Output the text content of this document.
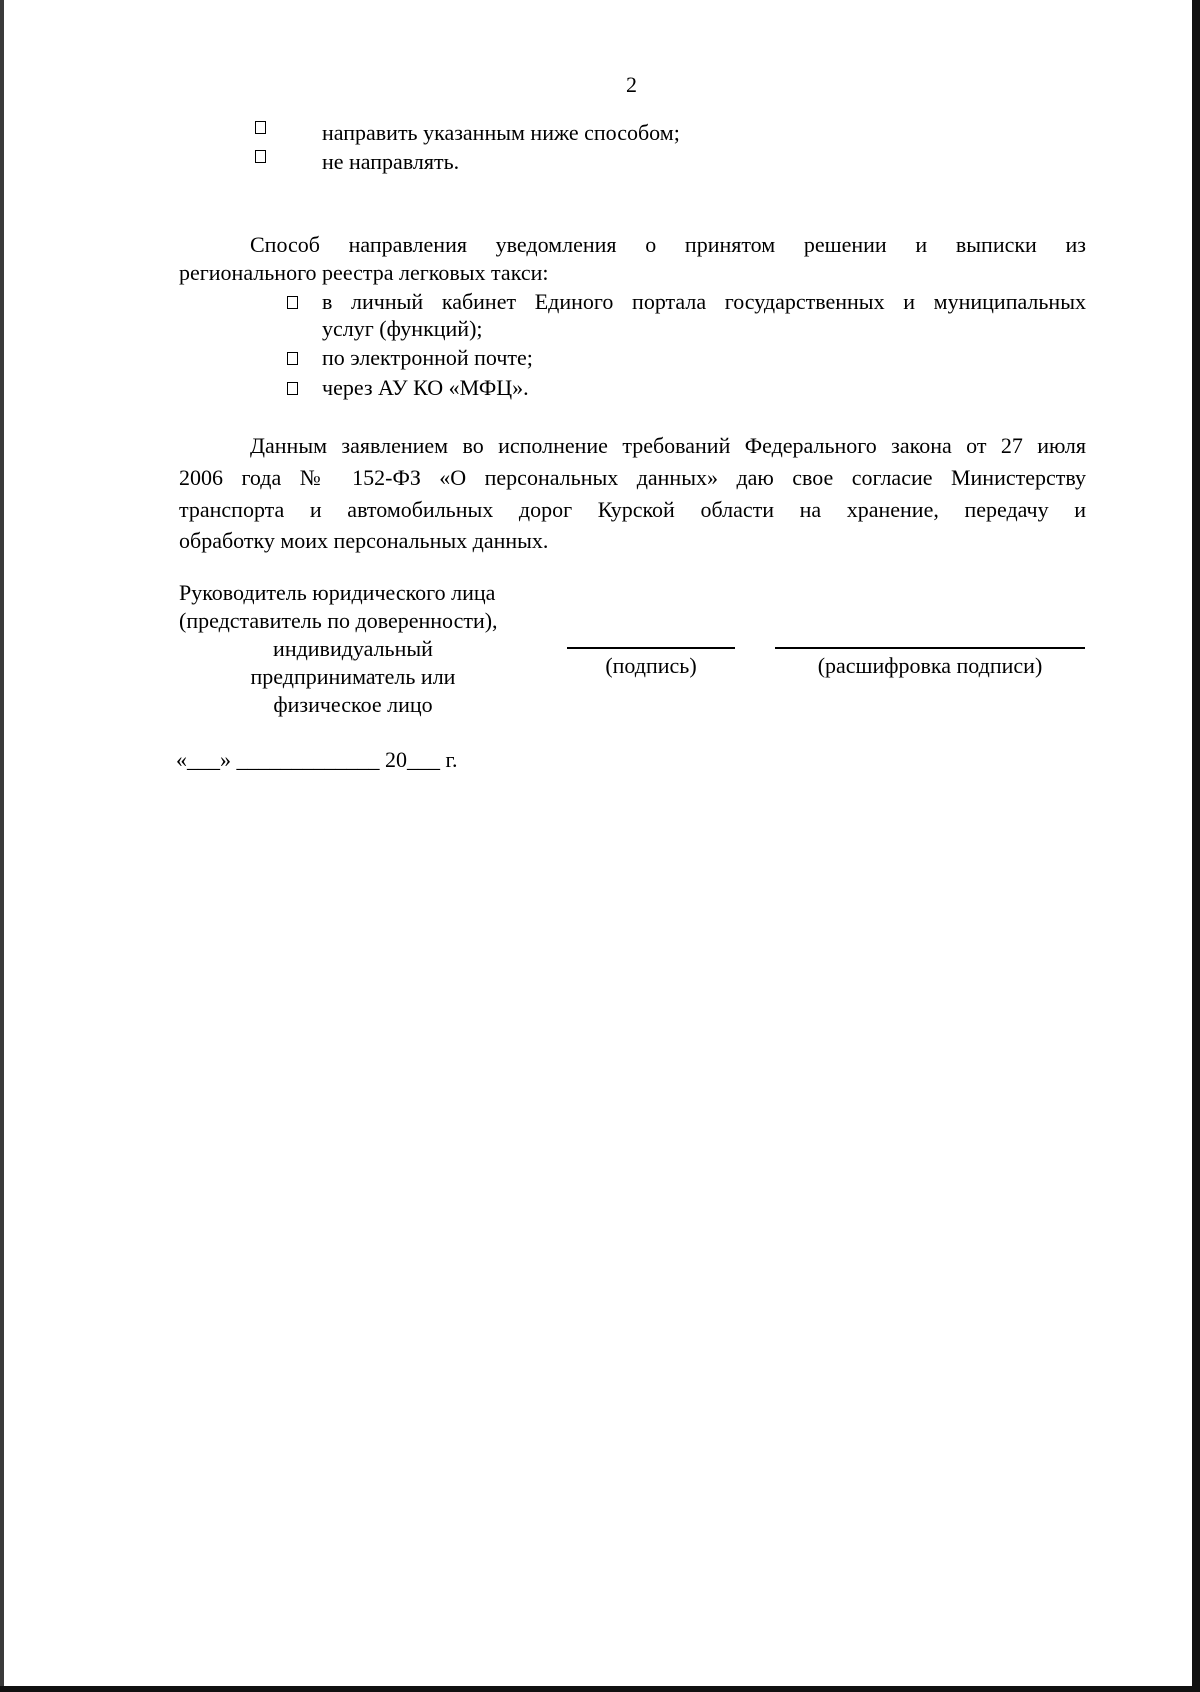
2
направить указанным ниже способом;
не направлять.
Способ направления уведомления о принятом решении и выписки из
регионального реестра легковых такси:
в личный кабинет Единого портала государственных и муниципальных
услуг (функций);
по электронной почте;
через АУ КО «МФЦ».
Данным заявлением во исполнение требований Федерального закона от 27 июля
2006 года № 152-ФЗ «О персональных данных» даю свое согласие Министерству
транспорта и автомобильных дорог Курской области на хранение, передачу и
обработку моих персональных данных.
Руководитель юридического лица
(представитель по доверенности),
индивидуальный
предприниматель или
физическое лицо
(подпись)	(расшифровка подписи)
«___» _____________ 20___ г.
